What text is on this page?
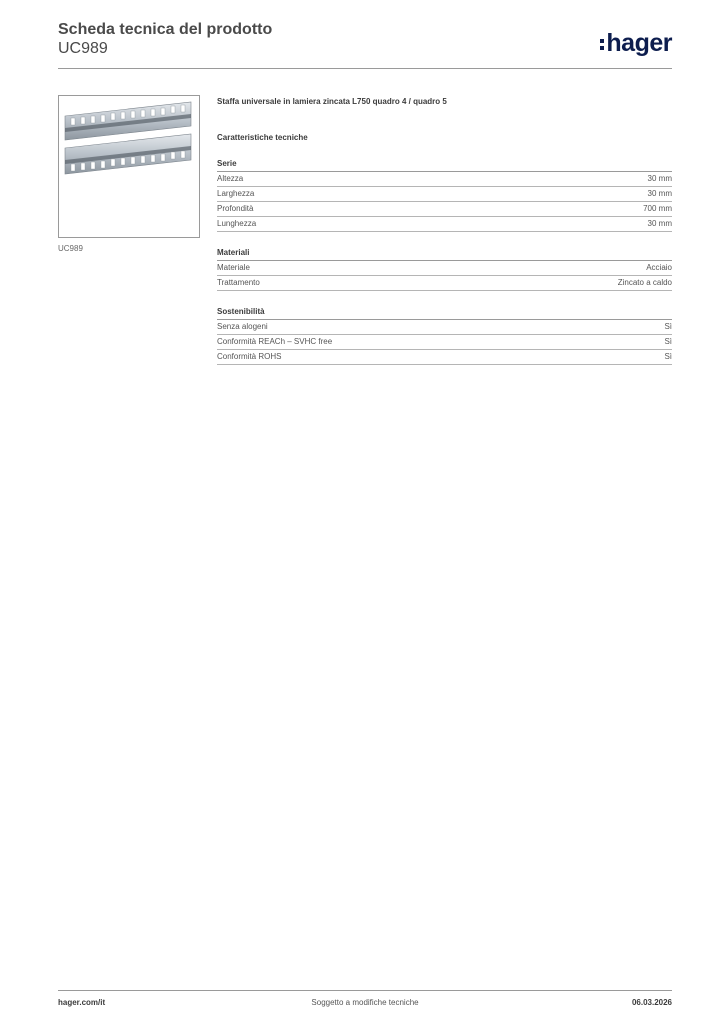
Scheda tecnica del prodotto
UC989	hager
UC989
Staffa universale in lamiera zincata L750 quadro 4 / quadro 5
Caratteristiche tecniche
Serie
Altezza	30 mm
Larghezza	30 mm
Profondità	700 mm
Lunghezza	30 mm
Materiali
Materiale	Acciaio
Trattamento	Zincato a caldo
Sostenibilità
Senza alogeni	Sì
Conformità REACh – SVHC free	Sì
Conformità ROHS	Sì
hager.com/it	Soggetto a modifiche tecniche	06.03.2026
